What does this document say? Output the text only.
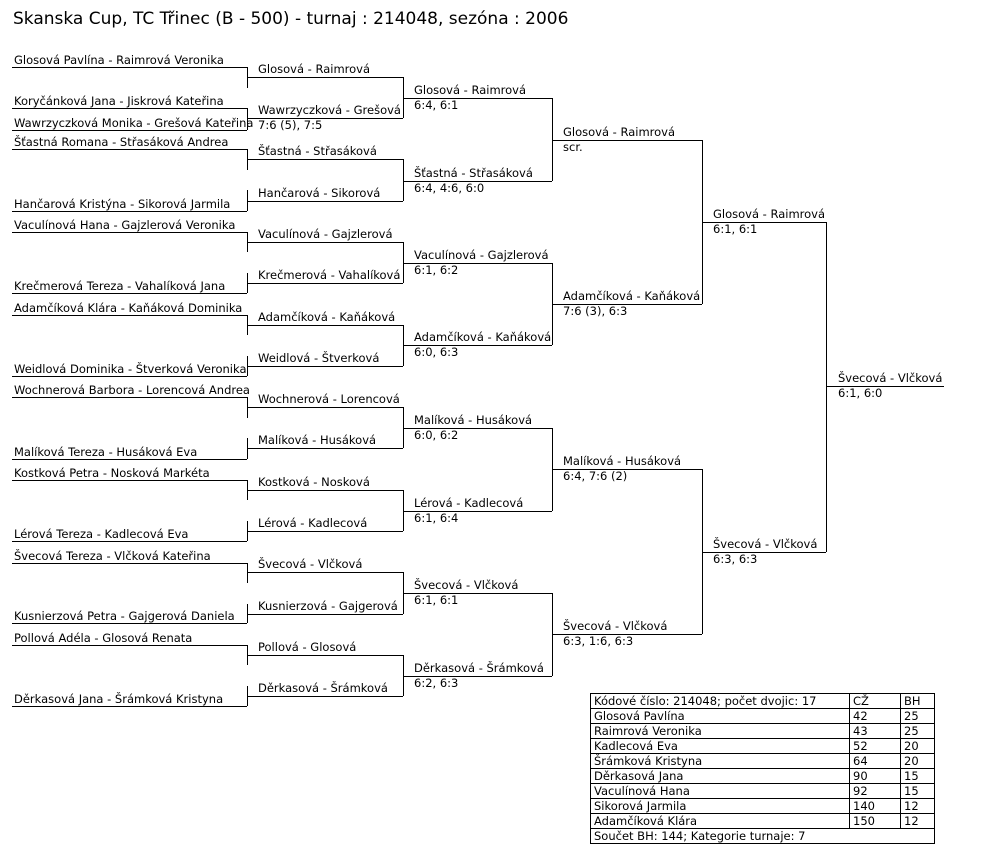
Skanska Cup, TC Třinec (B - 500) - turnaj : 214048, sezóna : 2006
Glosová Pavlína - Raimrová Veronika
Koryčánková Jana - Jiskrová Kateřina
Wawrzyczková Monika - Grešová Kateřina
Šťastná Romana - Střasáková Andrea
Hančarová Kristýna - Sikorová Jarmila
Vaculínová Hana - Gajzlerová Veronika
Krečmerová Tereza - Vahalíková Jana
Adamčíková Klára - Kaňáková Dominika
Weidlová Dominika - Štverková Veronika
Wochnerová Barbora - Lorencová Andrea
Malíková Tereza - Husáková Eva
Kostková Petra - Nosková Markéta
Lérová Tereza - Kadlecová Eva
Švecová Tereza - Vlčková Kateřina
Kusnierzová Petra - Gajgerová Daniela
Pollová Adéla - Glosová Renata
Děrkasová Jana - Šrámková Kristyna
Glosová - Raimrová
Wawrzyczková - Grešová
7:6 (5), 7:5
Šťastná - Střasáková
Hančarová - Sikorová
Vaculínová - Gajzlerová
Krečmerová - Vahalíková
Adamčíková - Kaňáková
Weidlová - Štverková
Wochnerová - Lorencová
Malíková - Husáková
Kostková - Nosková
Lérová - Kadlecová
Švecová - Vlčková
Kusnierzová - Gajgerová
Pollová - Glosová
Děrkasová - Šrámková
Glosová - Raimrová
6:4, 6:1
Šťastná - Střasáková
6:4, 4:6, 6:0
Vaculínová - Gajzlerová
6:1, 6:2
Adamčíková - Kaňáková
6:0, 6:3
Malíková - Husáková
6:0, 6:2
Lérová - Kadlecová
6:1, 6:4
Švecová - Vlčková
6:1, 6:1
Děrkasová - Šrámková
6:2, 6:3
Glosová - Raimrová
scr.
Adamčíková - Kaňáková
7:6 (3), 6:3
Malíková - Husáková
6:4, 7:6 (2)
Švecová - Vlčková
6:3, 1:6, 6:3
Glosová - Raimrová
6:1, 6:1
Švecová - Vlčková
6:3, 6:3
Švecová - Vlčková
6:1, 6:0
Kódové číslo: 214048; počet dvojic: 17	CŽ	BH
Glosová Pavlína	42	25
Raimrová Veronika	43	25
Kadlecová Eva	52	20
Šrámková Kristyna	64	20
Děrkasová Jana	90	15
Vaculínová Hana	92	15
Sikorová Jarmila	140	12
Adamčíková Klára	150	12
Součet BH: 144; Kategorie turnaje: 7		
